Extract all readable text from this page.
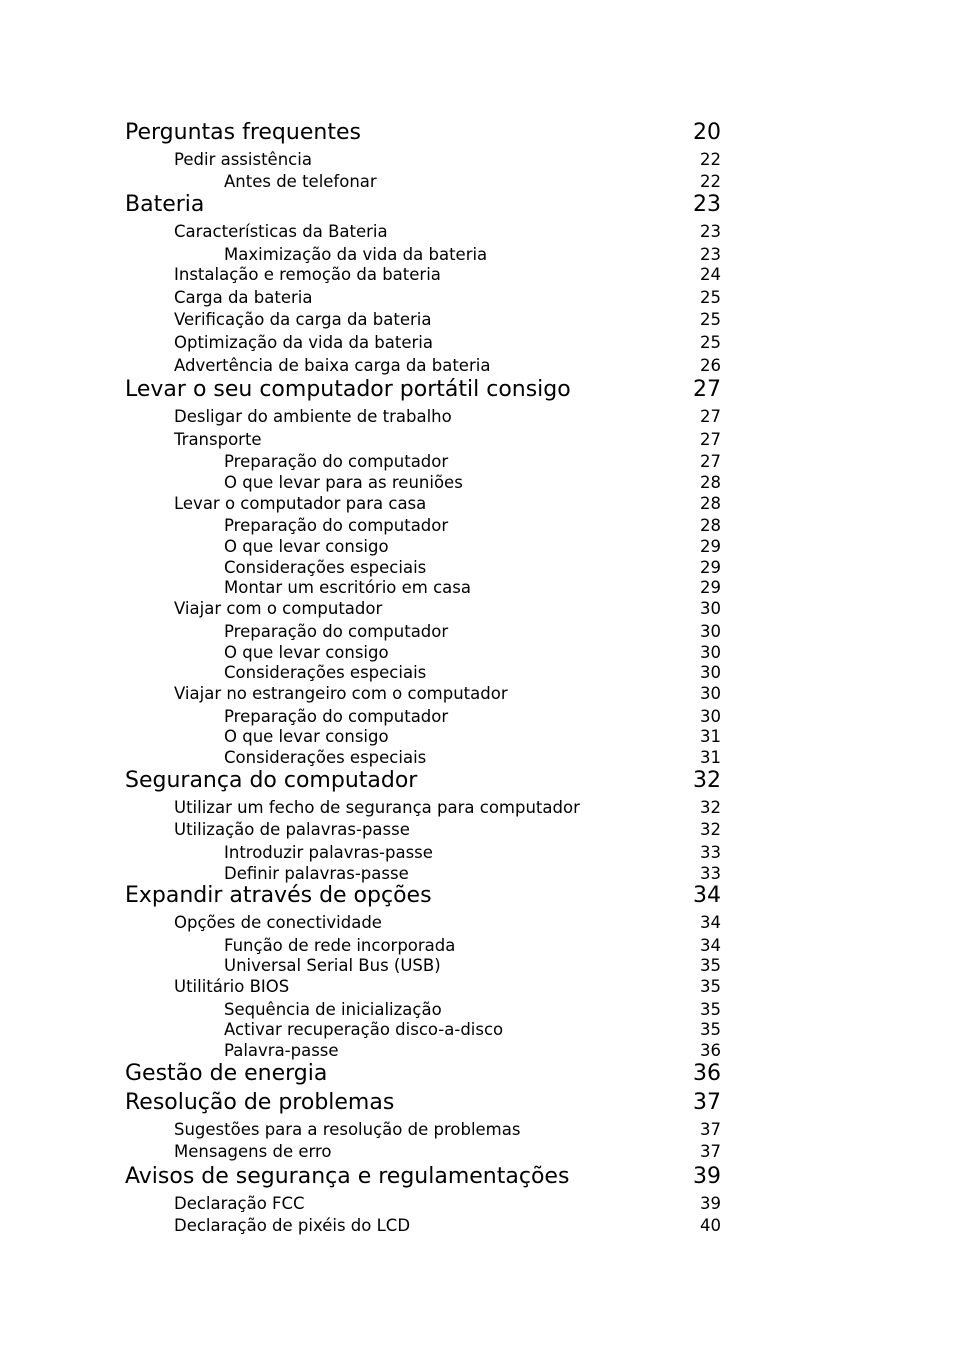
Perguntas frequentes	20
Pedir assistência	22
Antes de telefonar	22
Bateria	23
Características da Bateria	23
Maximização da vida da bateria	23
Instalação e remoção da bateria	24
Carga da bateria	25
Verificação da carga da bateria	25
Optimização da vida da bateria	25
Advertência de baixa carga da bateria	26
Levar o seu computador portátil consigo	27
Desligar do ambiente de trabalho	27
Transporte	27
Preparação do computador	27
O que levar para as reuniões	28
Levar o computador para casa	28
Preparação do computador	28
O que levar consigo	29
Considerações especiais	29
Montar um escritório em casa	29
Viajar com o computador	30
Preparação do computador	30
O que levar consigo	30
Considerações especiais	30
Viajar no estrangeiro com o computador	30
Preparação do computador	30
O que levar consigo	31
Considerações especiais	31
Segurança do computador	32
Utilizar um fecho de segurança para computador	32
Utilização de palavras-passe	32
Introduzir palavras-passe	33
Definir palavras-passe	33
Expandir através de opções	34
Opções de conectividade	34
Função de rede incorporada	34
Universal Serial Bus (USB)	35
Utilitário BIOS	35
Sequência de inicialização	35
Activar recuperação disco-a-disco	35
Palavra-passe	36
Gestão de energia	36
Resolução de problemas	37
Sugestões para a resolução de problemas	37
Mensagens de erro	37
Avisos de segurança e regulamentações	39
Declaração FCC	39
Declaração de pixéis do LCD	40
